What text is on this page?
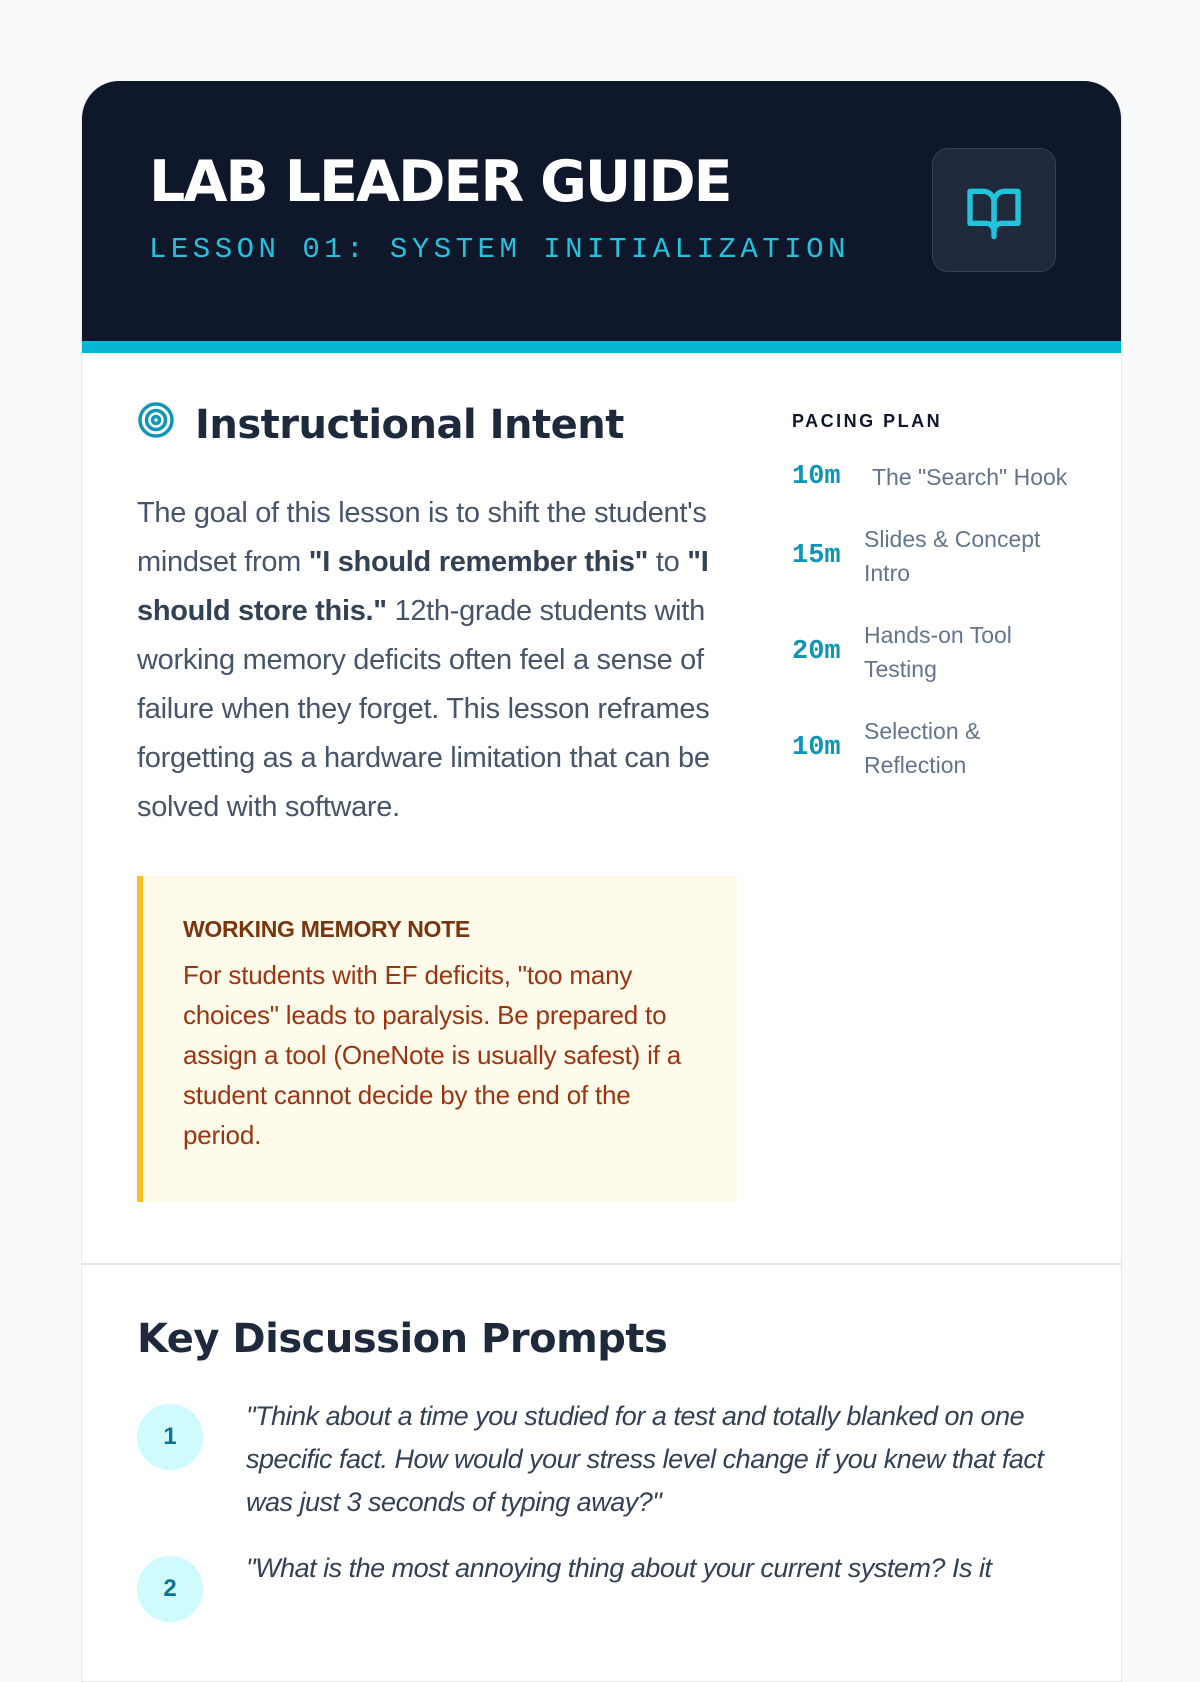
LAB LEADER GUIDE
LESSON 01: SYSTEM INITIALIZATION
Instructional Intent

The goal of this lesson is to shift the student's mindset from "I should remember this" to "I should store this." 12th-grade students with working memory deficits often feel a sense of failure when they forget. This lesson reframes forgetting as a hardware limitation that can be solved with software.

WORKING MEMORY NOTE
For students with EF deficits, "too many choices" leads to paralysis. Be prepared to assign a tool (OneNote is usually safest) if a student cannot decide by the end of the period.
PACING PLAN
10m	The "Search" Hook
15m
Slides & Concept Intro
20m
Hands-on Tool Testing
10m
Selection & Reflection
Key Discussion Prompts
1
"Think about a time you studied for a test and totally blanked on one specific fact. How would your stress level change if you knew that fact was just 3 seconds of typing away?"
2
"What is the most annoying thing about your current system? Is it
